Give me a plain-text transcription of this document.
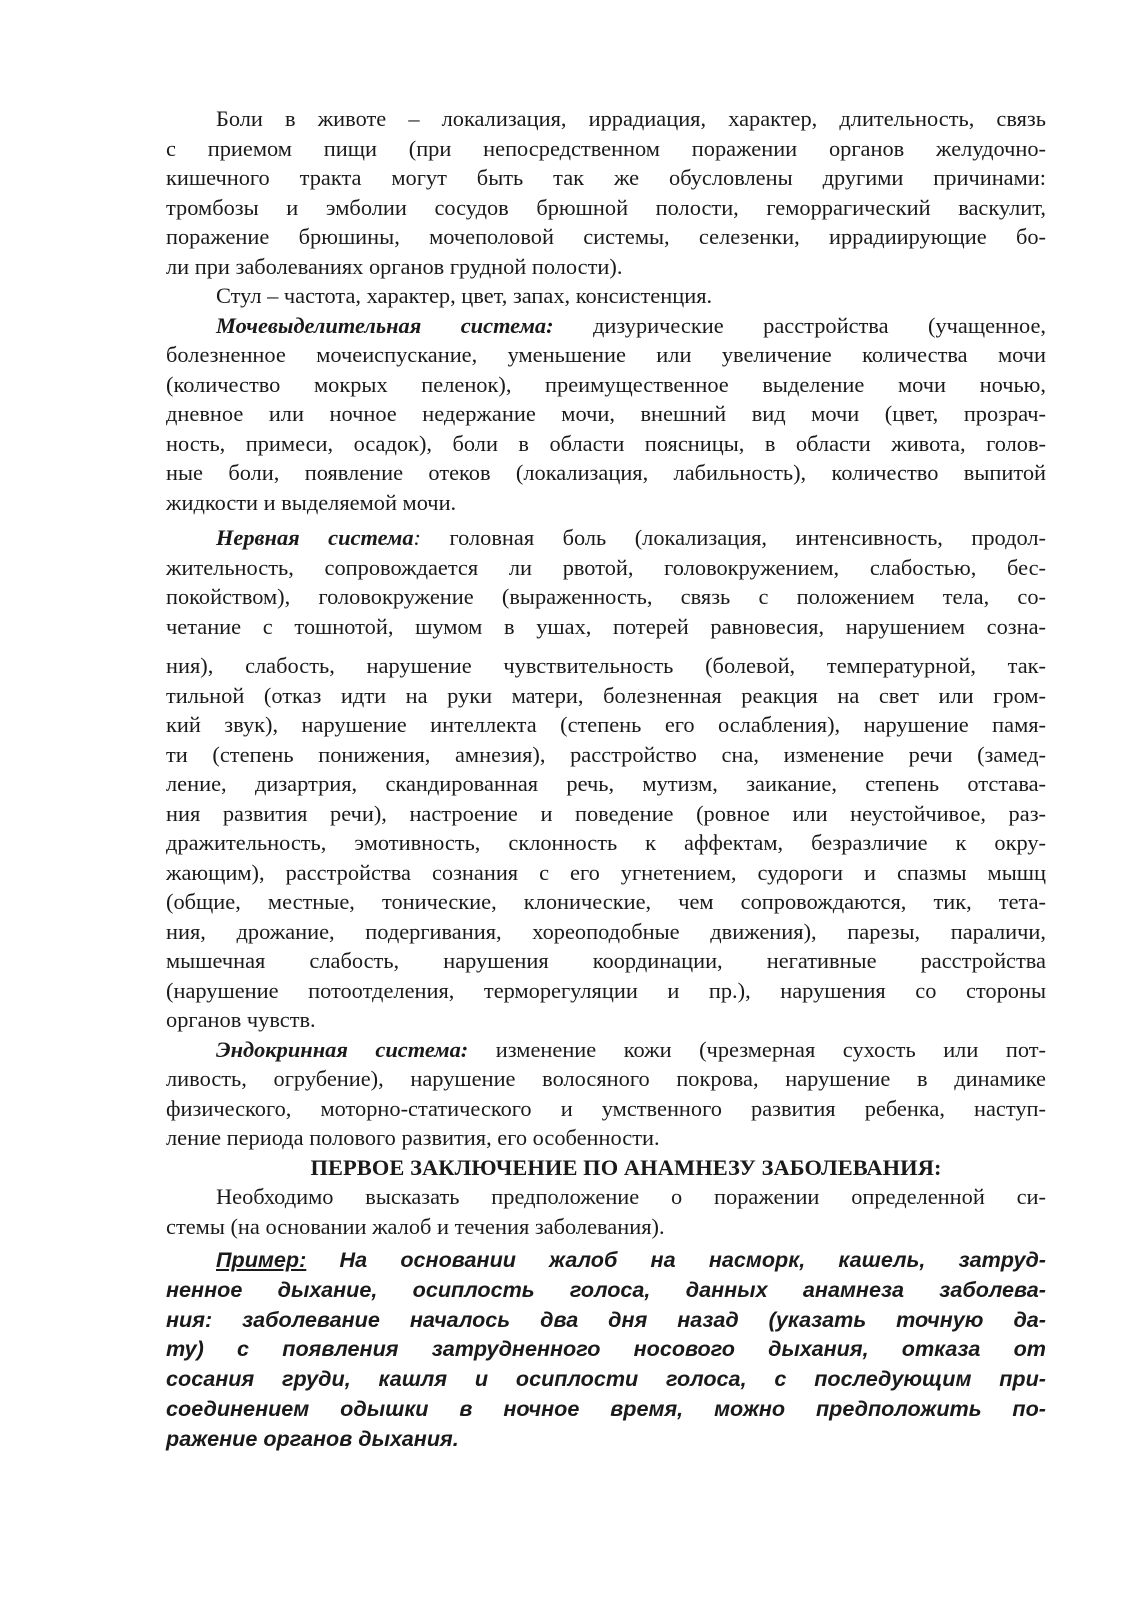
Боли в животе – локализация, иррадиация, характер, длительность, связь
с приемом пищи (при непосредственном поражении органов желудочно-
кишечного тракта могут быть так же обусловлены другими причинами:
тромбозы и эмболии сосудов брюшной полости, геморрагический васкулит,
поражение брюшины, мочеполовой системы, селезенки, иррадиирующие бо-
ли при заболеваниях органов грудной полости).
Стул – частота, характер, цвет, запах, консистенция.
Мочевыделительная система: дизурические расстройства (учащенное,
болезненное мочеиспускание, уменьшение или увеличение количества мочи
(количество мокрых пеленок), преимущественное выделение мочи ночью,
дневное или ночное недержание мочи, внешний вид мочи (цвет, прозрач-
ность, примеси, осадок), боли в области поясницы, в области живота, голов-
ные боли, появление отеков (локализация, лабильность), количество выпитой
жидкости и выделяемой мочи.
Нервная система: головная боль (локализация, интенсивность, продол-
жительность, сопровождается ли рвотой, головокружением, слабостью, бес-
покойством), головокружение (выраженность, связь с положением тела, со-
четание с тошнотой, шумом в ушах, потерей равновесия, нарушением созна-
ния), слабость, нарушение чувствительность (болевой, температурной, так-
тильной (отказ идти на руки матери, болезненная реакция на свет или гром-
кий звук), нарушение интеллекта (степень его ослабления), нарушение памя-
ти (степень понижения, амнезия), расстройство сна, изменение речи (замед-
ление, дизартрия, скандированная речь, мутизм, заикание, степень отстава-
ния развития речи), настроение и поведение (ровное или неустойчивое, раз-
дражительность, эмотивность, склонность к аффектам, безразличие к окру-
жающим), расстройства сознания с его угнетением, судороги и спазмы мышц
(общие, местные, тонические, клонические, чем сопровождаются, тик, тета-
ния, дрожание, подергивания, хореоподобные движения), парезы, параличи,
мышечная слабость, нарушения координации, негативные расстройства
(нарушение потоотделения, терморегуляции и пр.), нарушения со стороны
органов чувств.
Эндокринная система: изменение кожи (чрезмерная сухость или пот-
ливость, огрубение), нарушение волосяного покрова, нарушение в динамике
физического, моторно-статического и умственного развития ребенка, наступ-
ление периода полового развития, его особенности.
ПЕРВОЕ ЗАКЛЮЧЕНИЕ ПО АНАМНЕЗУ ЗАБОЛЕВАНИЯ:
Необходимо высказать предположение о поражении определенной си-
стемы (на основании жалоб и течения заболевания).
Пример: На основании жалоб на насморк, кашель, затруд-
ненное дыхание, осиплость голоса, данных анамнеза заболева-
ния: заболевание началось два дня назад (указать точную да-
ту) с появления затрудненного носового дыхания, отказа от
сосания груди, кашля и осиплости голоса, с последующим при-
соединением одышки в ночное время, можно предположить по-
ражение органов дыхания.
